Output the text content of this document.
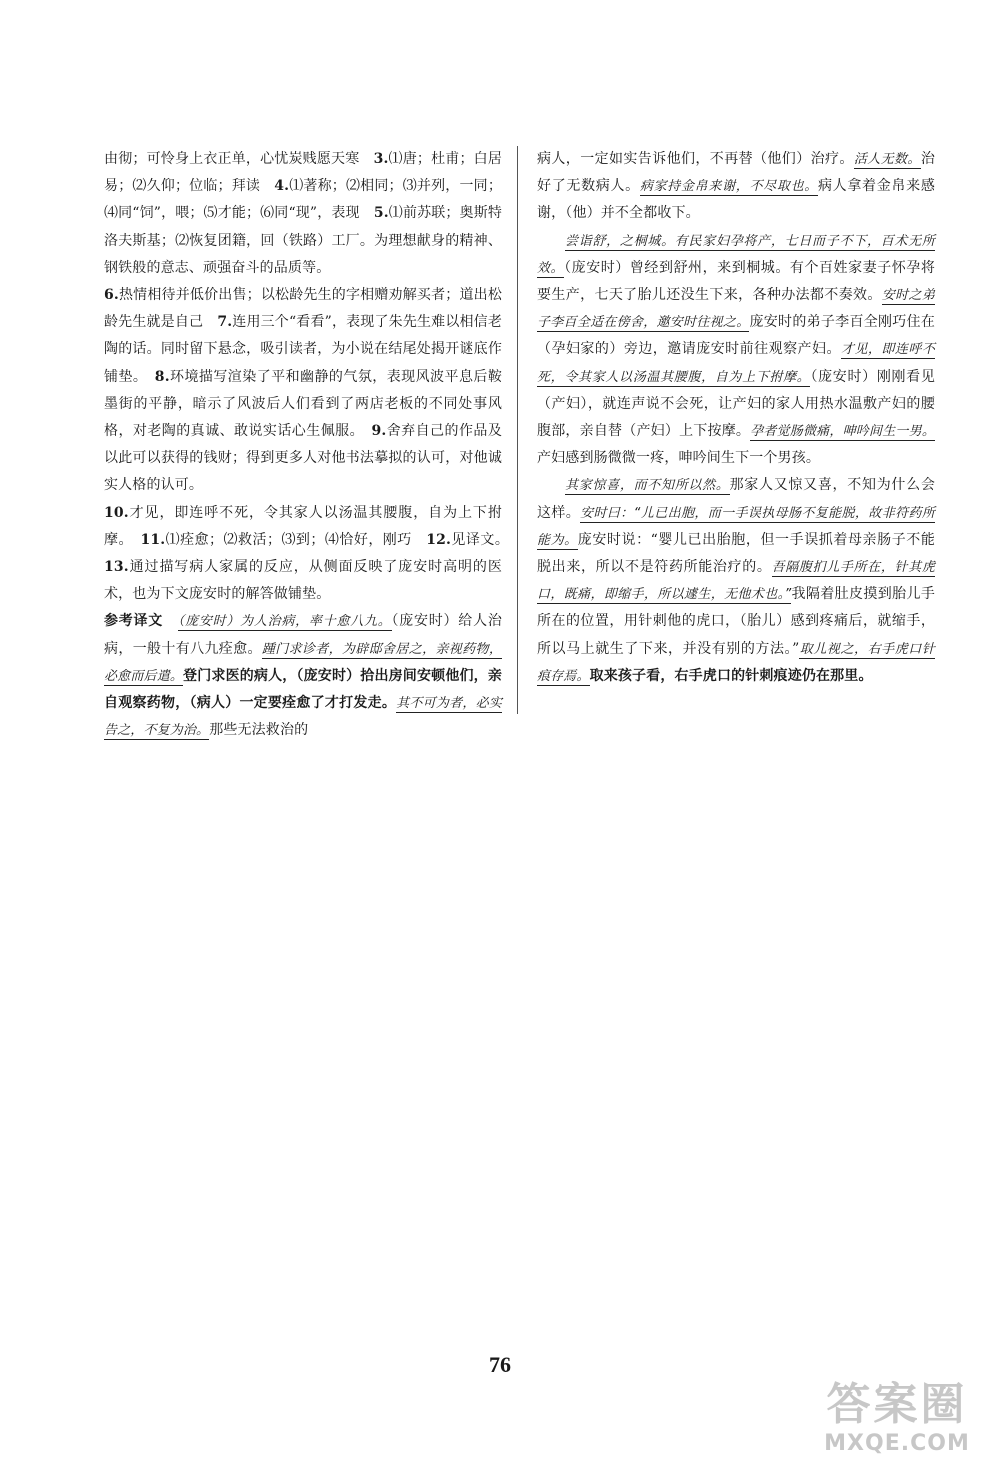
由彻；可怜身上衣正单，心忧炭贱愿天寒　3.⑴唐；杜甫；白居易；⑵久仰；位临；拜读　4.⑴著称；⑵相同；⑶并列，一同；⑷同“饲”，喂；⑸才能；⑹同“现”，表现　5.⑴前苏联；奥斯特洛夫斯基；⑵恢复团籍，回（铁路）工厂。为理想献身的精神、钢铁般的意志、顽强奋斗的品质等。

6.热情相待并低价出售；以松龄先生的字相赠劝解买者；道出松龄先生就是自己　7.连用三个“看看”，表现了朱先生难以相信老陶的话。同时留下悬念，吸引读者，为小说在结尾处揭开谜底作铺垫。　8.环境描写渲染了平和幽静的气氛，表现风波平息后鞍墨街的平静，暗示了风波后人们看到了两店老板的不同处事风格，对老陶的真诚、敢说实话心生佩服。　9.舍弃自己的作品及以此可以获得的钱财；得到更多人对他书法摹拟的认可，对他诚实人格的认可。

10.才见，即连呼不死，令其家人以汤温其腰腹，自为上下拊摩。　11.⑴痊愈；⑵救活；⑶到；⑷恰好，刚巧　12.见译文。　13.通过描写病人家属的反应，从侧面反映了庞安时高明的医术，也为下文庞安时的解答做铺垫。

参考译文　 （庞安时）为人治病，率十愈八九。（庞安时）给人治病，一般十有八九痊愈。踵门求诊者，为辟邸舍居之，亲视药物，必愈而后遣。登门求医的病人，（庞安时）拾出房间安顿他们，亲自观察药物，（病人）一定要痊愈了才打发走。其不可为者，必实告之，不复为治。那些无法救治的

病人，一定如实告诉他们，不再替（他们）治疗。活人无数。治好了无数病人。病家持金帛来谢，不尽取也。病人拿着金帛来感谢，（他）并不全都收下。

尝诣舒，之桐城。有民家妇孕将产，七日而子不下，百术无所效。（庞安时）曾经到舒州，来到桐城。有个百姓家妻子怀孕将要生产，七天了胎儿还没生下来，各种办法都不奏效。安时之弟子李百全适在傍舍，邀安时往视之。庞安时的弟子李百全刚巧住在（孕妇家的）旁边，邀请庞安时前往观察产妇。才见，即连呼不死，令其家人以汤温其腰腹，自为上下拊摩。（庞安时）刚刚看见（产妇），就连声说不会死，让产妇的家人用热水温敷产妇的腰腹部，亲自替（产妇）上下按摩。孕者觉肠微痛，呻吟间生一男。产妇感到肠微微一疼，呻吟间生下一个男孩。

其家惊喜，而不知所以然。那家人又惊又喜，不知为什么会这样。安时曰：“儿已出胞，而一手误执母肠不复能脱，故非符药所能为。庞安时说：“婴儿已出胎胞，但一手误抓着母亲肠子不能脱出来，所以不是符药所能治疗的。吾隔腹扪儿手所在，针其虎口，既痛，即缩手，所以遽生，无他术也。”我隔着肚皮摸到胎儿手所在的位置，用针刺他的虎口，（胎儿）感到疼痛后，就缩手，所以马上就生了下来，并没有别的方法。”取儿视之，右手虎口针痕存焉。取来孩子看，右手虎口的针刺痕迹仍在那里。

76
答案圈
MXQE.COM
